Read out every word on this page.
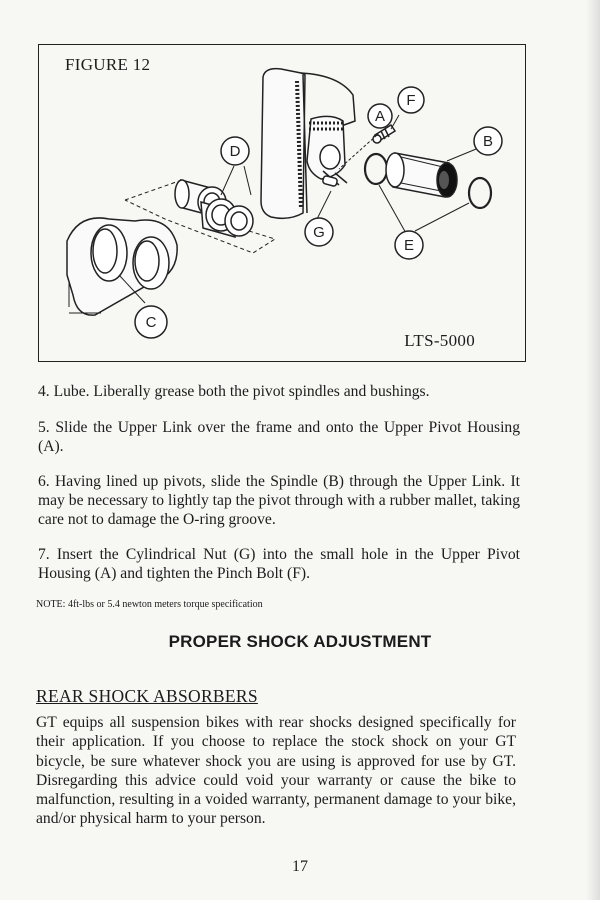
FIGURE 12
A
F
B
D
G
E
C
LTS-5000

4. Lube. Liberally grease both the pivot spindles and bushings.

5. Slide the Upper Link over the frame and onto the Upper Pivot Housing (A).

6. Having lined up pivots, slide the Spindle (B) through the Upper Link. It may be necessary to lightly tap the pivot through with a rubber mallet, taking care not to damage the O-ring groove.

7. Insert the Cylindrical Nut (G) into the small hole in the Upper Pivot Housing (A) and tighten the Pinch Bolt (F).

NOTE: 4ft-lbs or 5.4 newton meters torque specification

PROPER SHOCK ADJUSTMENT
REAR SHOCK ABSORBERS

GT equips all suspension bikes with rear shocks designed specifically for their application. If you choose to replace the stock shock on your GT bicycle, be sure whatever shock you are using is approved for use by GT. Disregarding this advice could void your warranty or cause the bike to malfunction, resulting in a voided warranty, permanent damage to your bike, and/or physical harm to your person.

17
